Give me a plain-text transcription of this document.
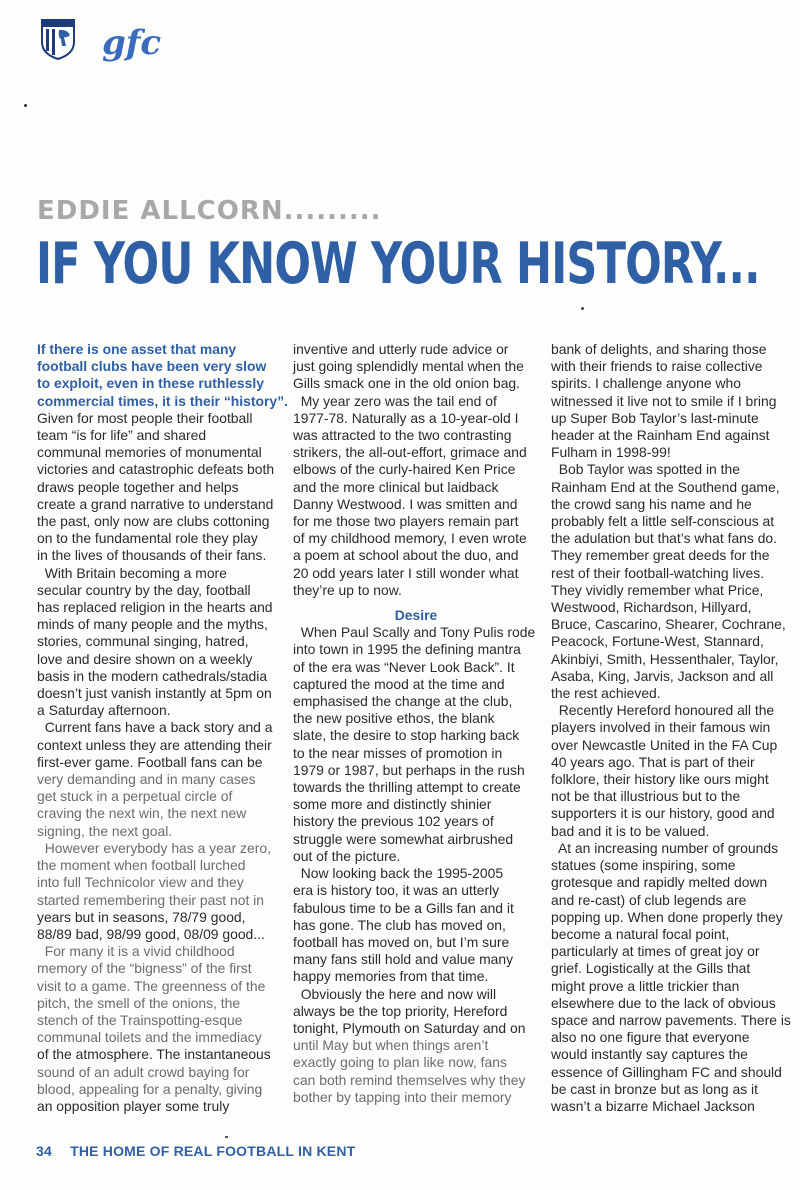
gfc
EDDIE ALLCORN.........
IF YOU KNOW YOUR HISTORY...

If there is one asset that many

football clubs have been very slow

to exploit, even in these ruthlessly

commercial times, it is their “history”.

Given for most people their football

team “is for life” and shared

communal memories of monumental

victories and catastrophic defeats both

draws people together and helps

create a grand narrative to understand

the past, only now are clubs cottoning

on to the fundamental role they play

in the lives of thousands of their fans.

With Britain becoming a more

secular country by the day, football

has replaced religion in the hearts and

minds of many people and the myths,

stories, communal singing, hatred,

love and desire shown on a weekly

basis in the modern cathedrals/stadia

doesn’t just vanish instantly at 5pm on

a Saturday afternoon.

Current fans have a back story and a

context unless they are attending their

first-ever game. Football fans can be

very demanding and in many cases

get stuck in a perpetual circle of

craving the next win, the next new

signing, the next goal.

However everybody has a year zero,

the moment when football lurched

into full Technicolor view and they

started remembering their past not in

years but in seasons, 78/79 good,

88/89 bad, 98/99 good, 08/09 good...

For many it is a vivid childhood

memory of the “bigness” of the first

visit to a game. The greenness of the

pitch, the smell of the onions, the

stench of the Trainspotting-esque

communal toilets and the immediacy

of the atmosphere. The instantaneous

sound of an adult crowd baying for

blood, appealing for a penalty, giving

an opposition player some truly

inventive and utterly rude advice or

just going splendidly mental when the

Gills smack one in the old onion bag.

My year zero was the tail end of

1977-78. Naturally as a 10-year-old I

was attracted to the two contrasting

strikers, the all-out-effort, grimace and

elbows of the curly-haired Ken Price

and the more clinical but laidback

Danny Westwood. I was smitten and

for me those two players remain part

of my childhood memory, I even wrote

a poem at school about the duo, and

20 odd years later I still wonder what

they’re up to now.

Desire

When Paul Scally and Tony Pulis rode

into town in 1995 the defining mantra

of the era was “Never Look Back”. It

captured the mood at the time and

emphasised the change at the club,

the new positive ethos, the blank

slate, the desire to stop harking back

to the near misses of promotion in

1979 or 1987, but perhaps in the rush

towards the thrilling attempt to create

some more and distinctly shinier

history the previous 102 years of

struggle were somewhat airbrushed

out of the picture.

Now looking back the 1995-2005

era is history too, it was an utterly

fabulous time to be a Gills fan and it

has gone. The club has moved on,

football has moved on, but I’m sure

many fans still hold and value many

happy memories from that time.

Obviously the here and now will

always be the top priority, Hereford

tonight, Plymouth on Saturday and on

until May but when things aren’t

exactly going to plan like now, fans

can both remind themselves why they

bother by tapping into their memory

bank of delights, and sharing those

with their friends to raise collective

spirits. I challenge anyone who

witnessed it live not to smile if I bring

up Super Bob Taylor’s last-minute

header at the Rainham End against

Fulham in 1998-99!

Bob Taylor was spotted in the

Rainham End at the Southend game,

the crowd sang his name and he

probably felt a little self-conscious at

the adulation but that’s what fans do.

They remember great deeds for the

rest of their football-watching lives.

They vividly remember what Price,

Westwood, Richardson, Hillyard,

Bruce, Cascarino, Shearer, Cochrane,

Peacock, Fortune-West, Stannard,

Akinbiyi, Smith, Hessenthaler, Taylor,

Asaba, King, Jarvis, Jackson and all

the rest achieved.

Recently Hereford honoured all the

players involved in their famous win

over Newcastle United in the FA Cup

40 years ago. That is part of their

folklore, their history like ours might

not be that illustrious but to the

supporters it is our history, good and

bad and it is to be valued.

At an increasing number of grounds

statues (some inspiring, some

grotesque and rapidly melted down

and re-cast) of club legends are

popping up. When done properly they

become a natural focal point,

particularly at times of great joy or

grief. Logistically at the Gills that

might prove a little trickier than

elsewhere due to the lack of obvious

space and narrow pavements. There is

also no one figure that everyone

would instantly say captures the

essence of Gillingham FC and should

be cast in bronze but as long as it

wasn’t a bizarre Michael Jackson

34 THE HOME OF REAL FOOTBALL IN KENT
